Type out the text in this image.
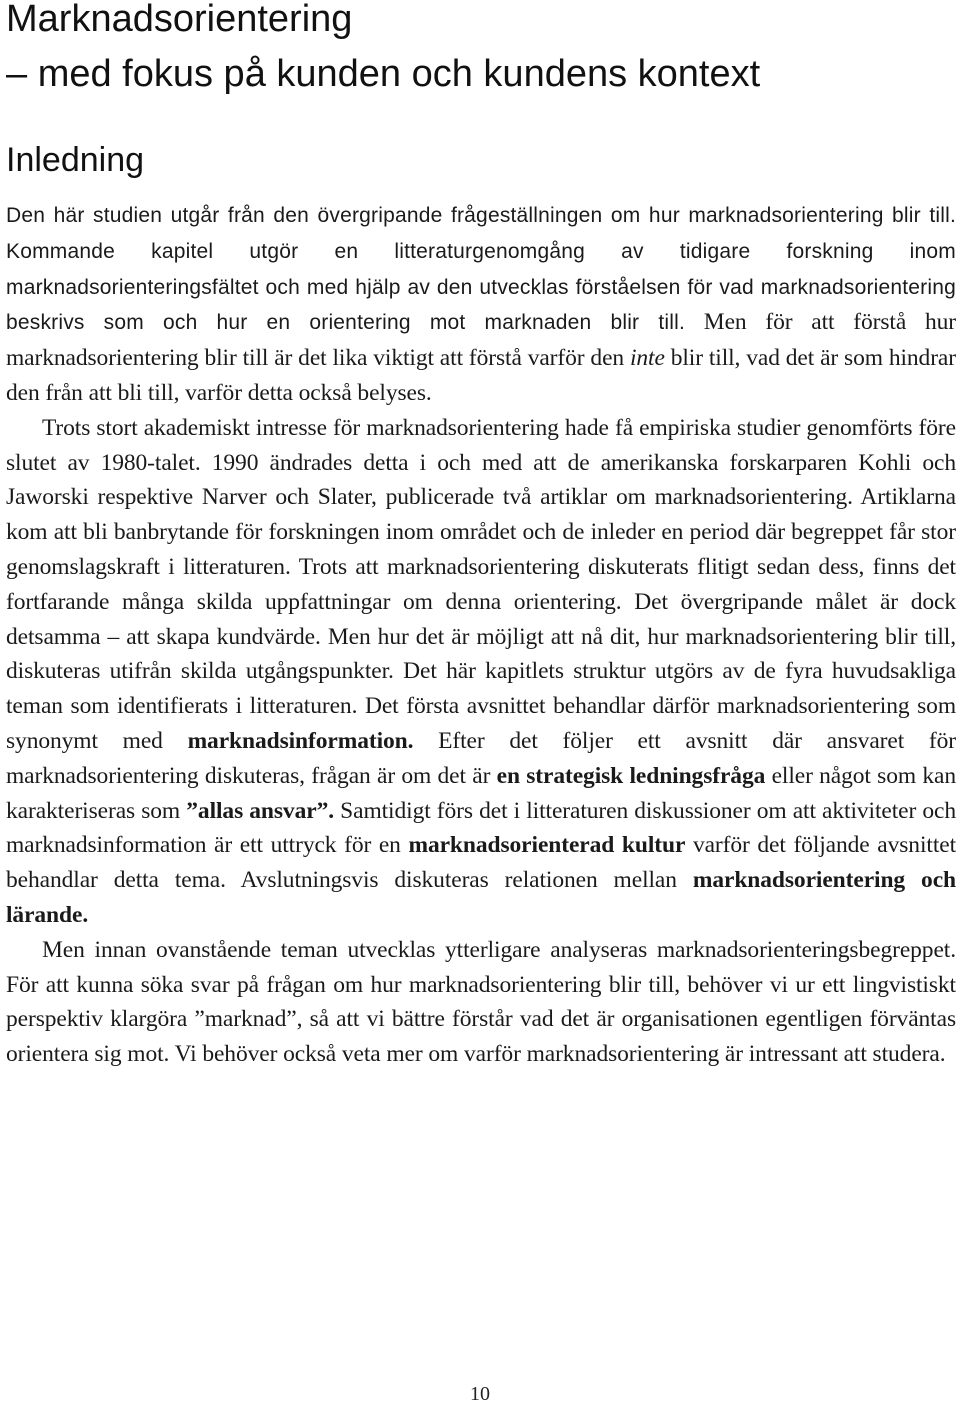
Marknadsorientering
– med fokus på kunden och kundens kontext
Inledning

Den här studien utgår från den övergripande frågeställningen om hur marknadsorientering blir till. Kommande kapitel utgör en litteraturgenomgång av tidigare forskning inom marknadsorienteringsfältet och med hjälp av den utvecklas förståelsen för vad marknadsorientering beskrivs som och hur en orientering mot marknaden blir till. Men för att förstå hur marknadsorientering blir till är det lika viktigt att förstå varför den inte blir till, vad det är som hindrar den från att bli till, varför detta också belyses.

Trots stort akademiskt intresse för marknadsorientering hade få empiriska studier genomförts före slutet av 1980-talet. 1990 ändrades detta i och med att de amerikanska forskarparen Kohli och Jaworski respektive Narver och Slater, publicerade två artiklar om marknadsorientering. Artiklarna kom att bli banbrytande för forskningen inom området och de inleder en period där begreppet får stor genomslagskraft i litteraturen. Trots att marknadsorientering diskuterats flitigt sedan dess, finns det fortfarande många skilda uppfattningar om denna orientering. Det övergripande målet är dock detsamma – att skapa kundvärde. Men hur det är möjligt att nå dit, hur marknadsorientering blir till, diskuteras utifrån skilda utgångspunkter. Det här kapitlets struktur utgörs av de fyra huvudsakliga teman som identifierats i litteraturen. Det första avsnittet behandlar därför marknadsorientering som synonymt med marknadsinformation. Efter det följer ett avsnitt där ansvaret för marknadsorientering diskuteras, frågan är om det är en strategisk ledningsfråga eller något som kan karakteriseras som ”allas ansvar”. Samtidigt förs det i litteraturen diskussioner om att aktiviteter och marknadsinformation är ett uttryck för en marknadsorienterad kultur varför det följande avsnittet behandlar detta tema. Avslutningsvis diskuteras relationen mellan marknadsorientering och lärande.

Men innan ovanstående teman utvecklas ytterligare analyseras marknadsorienteringsbegreppet. För att kunna söka svar på frågan om hur marknadsorientering blir till, behöver vi ur ett lingvistiskt perspektiv klargöra ”marknad”, så att vi bättre förstår vad det är organisationen egentligen förväntas orientera sig mot. Vi behöver också veta mer om varför marknadsorientering är intressant att studera.

10
